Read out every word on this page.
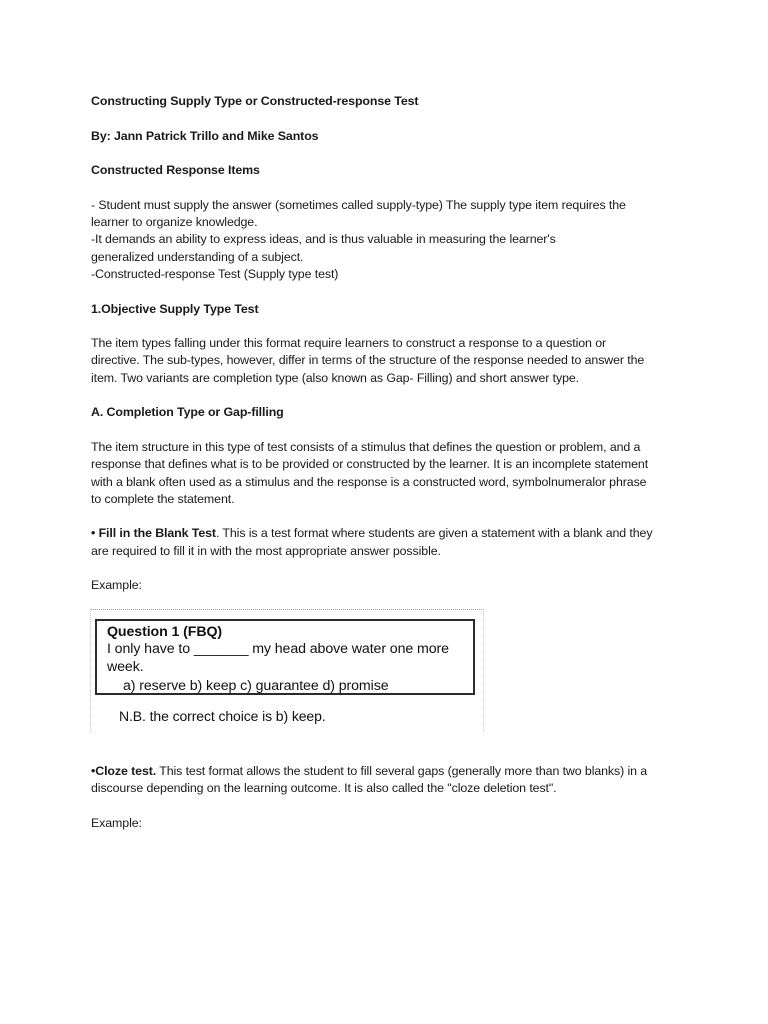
Constructing Supply Type or Constructed-response Test

By: Jann Patrick Trillo and Mike Santos

Constructed Response Items

- Student must supply the answer (sometimes called supply-type) The supply type item requires the

learner to organize knowledge.

-It demands an ability to express ideas, and is thus valuable in measuring the learner's

generalized understanding of a subject.

-Constructed-response Test (Supply type test)

1.Objective Supply Type Test

The item types falling under this format require learners to construct a response to a question or

directive. The sub-types, however, differ in terms of the structure of the response needed to answer the

item. Two variants are completion type (also known as Gap- Filling) and short answer type.

A. Completion Type or Gap-filling

The item structure in this type of test consists of a stimulus that defines the question or problem, and a

response that defines what is to be provided or constructed by the learner. It is an incomplete statement

with a blank often used as a stimulus and the response is a constructed word, symbolnumeralor phrase

to complete the statement.

• Fill in the Blank Test. This is a test format where students are given a statement with a blank and they

are required to fill it in with the most appropriate answer possible.

Example:

Question 1 (FBQ)
I only have to _______ my head above water one more
week.
a) reserve b) keep c) guarantee d) promise
N.B. the correct choice is b) keep.

•Cloze test. This test format allows the student to fill several gaps (generally more than two blanks) in a

discourse depending on the learning outcome. It is also called the "cloze deletion test".

Example:
